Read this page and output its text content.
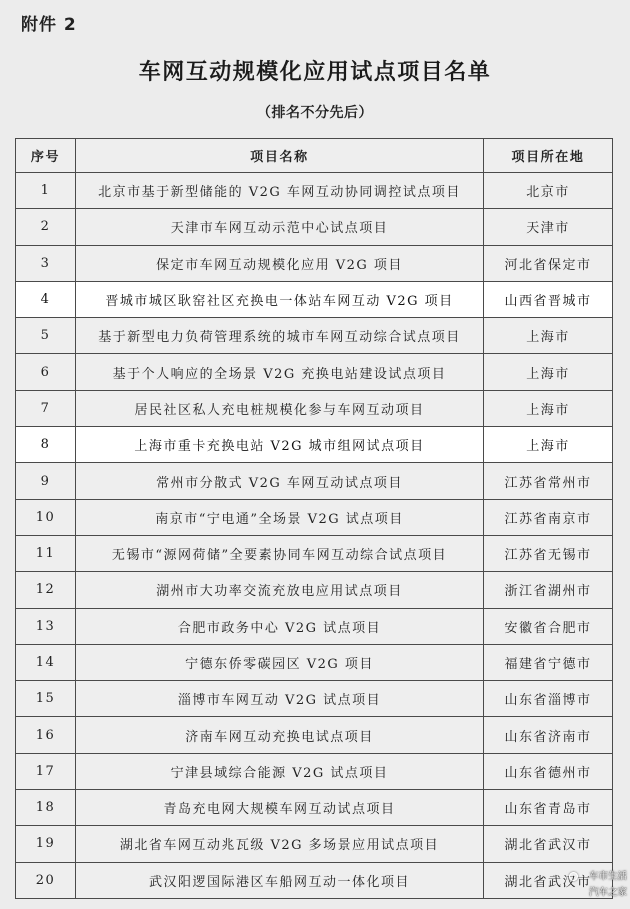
附件 2
车网互动规模化应用试点项目名单
（排名不分先后）
序号	项目名称	项目所在地
1	北京市基于新型储能的 V2G 车网互动协同调控试点项目	北京市
2	天津市车网互动示范中心试点项目	天津市
3	保定市车网互动规模化应用 V2G 项目	河北省保定市
4	晋城市城区耿窑社区充换电一体站车网互动 V2G 项目	山西省晋城市
5	基于新型电力负荷管理系统的城市车网互动综合试点项目	上海市
6	基于个人响应的全场景 V2G 充换电站建设试点项目	上海市
7	居民社区私人充电桩规模化参与车网互动项目	上海市
8	上海市重卡充换电站 V2G 城市组网试点项目	上海市
9	常州市分散式 V2G 车网互动试点项目	江苏省常州市
10	南京市“宁电通”全场景 V2G 试点项目	江苏省南京市
11	无锡市“源网荷储”全要素协同车网互动综合试点项目	江苏省无锡市
12	湖州市大功率交流充放电应用试点项目	浙江省湖州市
13	合肥市政务中心 V2G 试点项目	安徽省合肥市
14	宁德东侨零碳园区 V2G 项目	福建省宁德市
15	淄博市车网互动 V2G 试点项目	山东省淄博市
16	济南车网互动充换电试点项目	山东省济南市
17	宁津县域综合能源 V2G 试点项目	山东省德州市
18	青岛充电网大规模车网互动试点项目	山东省青岛市
19	湖北省车网互动兆瓦级 V2G 多场景应用试点项目	湖北省武汉市
20	武汉阳逻国际港区车船网互动一体化项目	湖北省武汉市
车市生活
汽车之家
